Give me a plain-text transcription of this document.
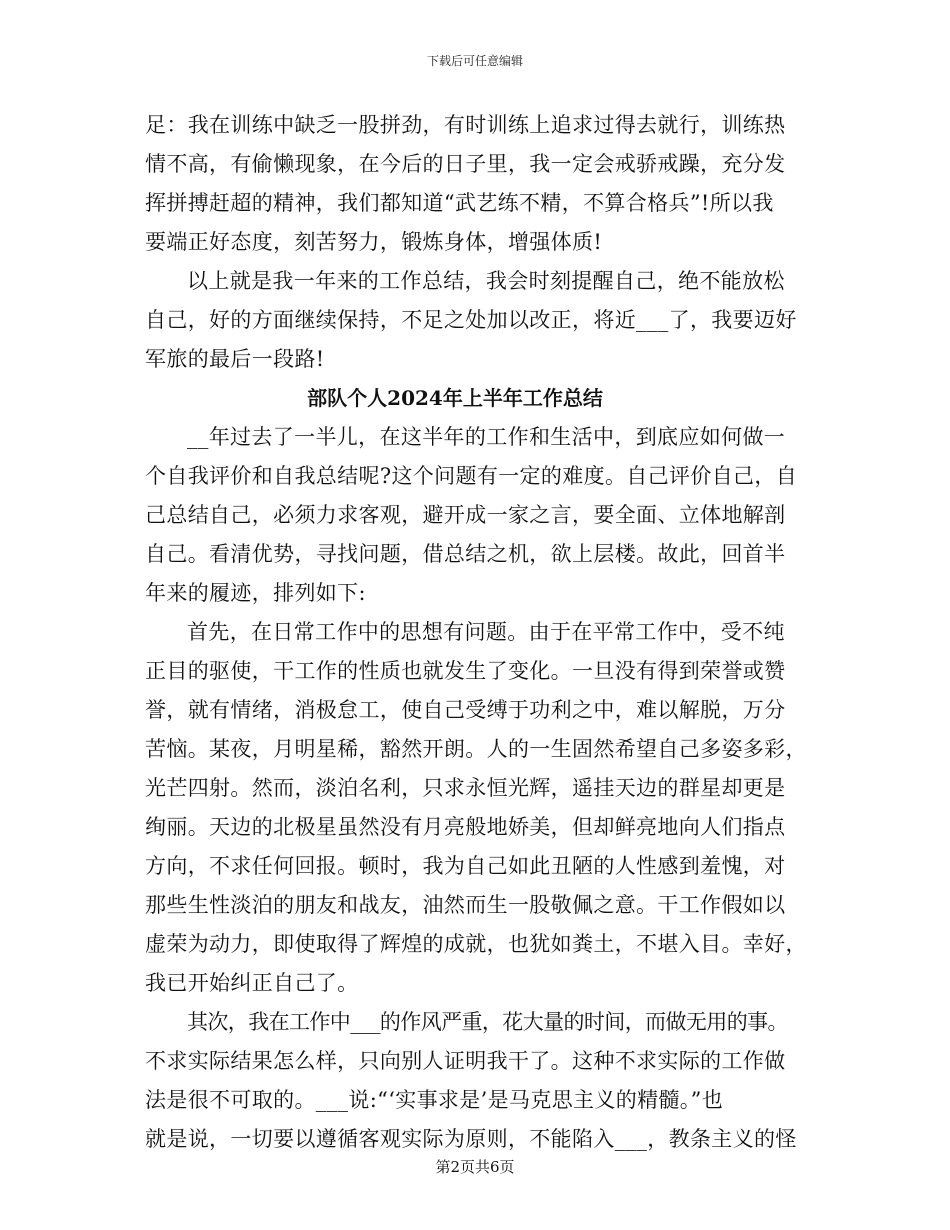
下载后可任意编辑
足：我在训练中缺乏一股拼劲，有时训练上追求过得去就行，训练热
情不高，有偷懒现象，在今后的日子里，我一定会戒骄戒躁，充分发
挥拼搏赶超的精神，我们都知道“武艺练不精，不算合格兵”!所以我
要端正好态度，刻苦努力，锻炼身体，增强体质!
以上就是我一年来的工作总结，我会时刻提醒自己，绝不能放松
自己，好的方面继续保持，不足之处加以改正，将近___了，我要迈好
军旅的最后一段路!
部队个人2024年上半年工作总结
__年过去了一半儿，在这半年的工作和生活中，到底应如何做一
个自我评价和自我总结呢?这个问题有一定的难度。自己评价自己，自
己总结自己，必须力求客观，避开成一家之言，要全面、立体地解剖
自己。看清优势，寻找问题，借总结之机，欲上层楼。故此，回首半
年来的履迹，排列如下:
首先，在日常工作中的思想有问题。由于在平常工作中，受不纯
正目的驱使，干工作的性质也就发生了变化。一旦没有得到荣誉或赞
誉，就有情绪，消极怠工，使自己受缚于功利之中，难以解脱，万分
苦恼。某夜，月明星稀，豁然开朗。人的一生固然希望自己多姿多彩，
光芒四射。然而，淡泊名利，只求永恒光辉，遥挂天边的群星却更是
绚丽。天边的北极星虽然没有月亮般地娇美，但却鲜亮地向人们指点
方向，不求任何回报。顿时，我为自己如此丑陋的人性感到羞愧，对
那些生性淡泊的朋友和战友，油然而生一股敬佩之意。干工作假如以
虚荣为动力，即使取得了辉煌的成就，也犹如粪土，不堪入目。幸好，
我已开始纠正自己了。
其次，我在工作中___的作风严重，花大量的时间，而做无用的事。
不求实际结果怎么样，只向别人证明我干了。这种不求实际的工作做
法是很不可取的。___说:“‘实事求是’是马克思主义的精髓。”也
就是说，一切要以遵循客观实际为原则，不能陷入___，教条主义的怪
第2页共6页
